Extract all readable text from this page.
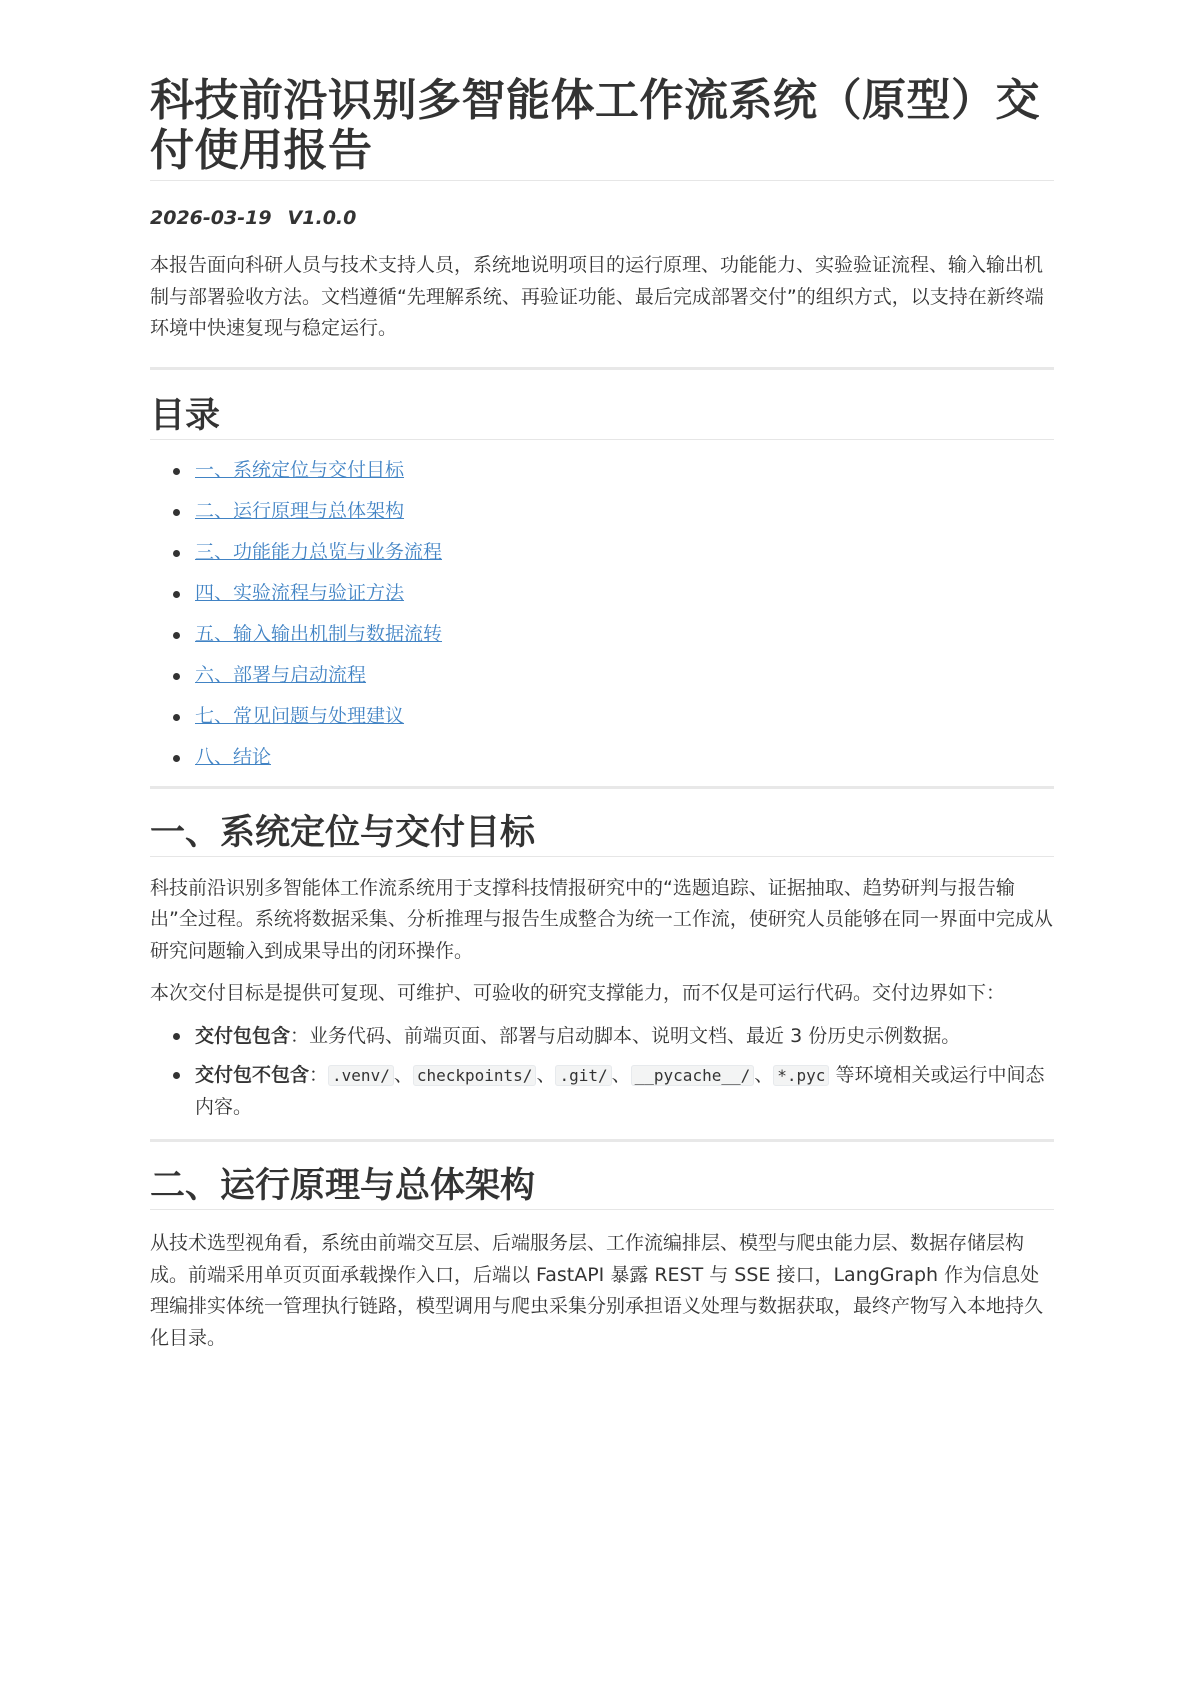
科技前沿识别多智能体工作流系统（原型）交付使用报告
2026-03-19 V1.0.0

本报告面向科研人员与技术支持人员，系统地说明项目的运行原理、功能能力、实验验证流程、输入输出机制与部署验收方法。文档遵循“先理解系统、再验证功能、最后完成部署交付”的组织方式，以支持在新终端环境中快速复现与稳定运行。

目录
一、系统定位与交付目标
二、运行原理与总体架构
三、功能能力总览与业务流程
四、实验流程与验证方法
五、输入输出机制与数据流转
六、部署与启动流程
七、常见问题与处理建议
八、结论
一、系统定位与交付目标

科技前沿识别多智能体工作流系统用于支撑科技情报研究中的“选题追踪、证据抽取、趋势研判与报告输出”全过程。系统将数据采集、分析推理与报告生成整合为统一工作流，使研究人员能够在同一界面中完成从研究问题输入到成果导出的闭环操作。

本次交付目标是提供可复现、可维护、可验收的研究支撑能力，而不仅是可运行代码。交付边界如下：

交付包包含：业务代码、前端页面、部署与启动脚本、说明文档、最近 3 份历史示例数据。
交付包不包含： .venv/ 、 checkpoints/ 、 .git/ 、 __pycache__/ 、 *.pyc 等环境相关或运行中间态内容。
二、运行原理与总体架构

从技术选型视角看，系统由前端交互层、后端服务层、工作流编排层、模型与爬虫能力层、数据存储层构成。前端采用单页页面承载操作入口，后端以 FastAPI 暴露 REST 与 SSE 接口，LangGraph 作为信息处理编排实体统一管理执行链路，模型调用与爬虫采集分别承担语义处理与数据获取，最终产物写入本地持久化目录。
